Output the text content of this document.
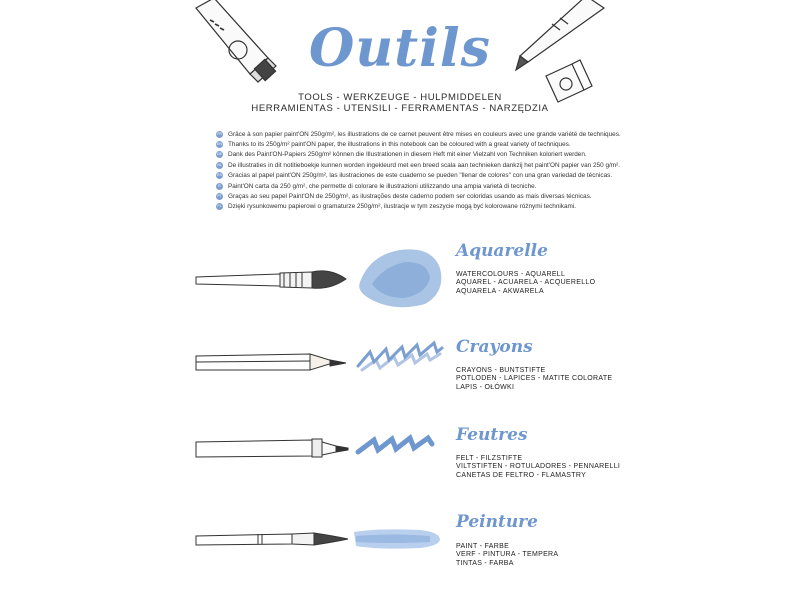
Outils
TOOLS - WERKZEUGE - HULPMIDDELEN
HERRAMIENTAS - UTENSILI - FERRAMENTAS - NARZĘDZIA
FR Grâce à son papier paint'ON 250g/m², les illustrations de ce carnet peuvent être mises en couleurs avec une grande variété de techniques.
EN Thanks to its 250g/m² paint'ON paper, the illustrations in this notebook can be coloured with a great variety of techniques.
DE Dank des Paint'ON-Papiers 250g/m² können die Illustrationen in diesem Heft mit einer Vielzahl von Techniken koloriert werden.
NL De illustraties in dit notitieboekje kunnen worden ingekleurd met een breed scala aan technieken dankzij het paint'ON papier van 250 g/m².
ES Gracias al papel paint'ON 250g/m², las ilustraciones de este cuaderno se pueden "llenar de colores" con una gran variedad de técnicas.
IT Paint'ON carta da 250 g/m², che permette di colorare le illustrazioni utilizzando una ampia varietà di tecniche.
PT Graças ao seu papel Paint'ON de 250g/m², as ilustrações deste caderno podem ser coloridas usando as mais diversas técnicas.
PL Dzięki rysunkowemu papierowi o gramaturze 250g/m², ilustracje w tym zeszycie mogą być kolorowane różnymi technikami.
Aquarelle
WATERCOLOURS - AQUARELL
AQUAREL - ACUARELA - ACQUERELLO
AQUARELA - AKWARELA
Crayons
CRAYONS - BUNTSTIFTE
POTLODEN - LAPICES - MATITE COLORATE
LAPIS - OŁÓWKI
Feutres
FELT - FILZSTIFTE
VILTSTIFTEN - ROTULADORES - PENNARELLI
CANETAS DE FELTRO - FLAMASTRY
Peinture
PAINT - FARBE
VERF - PINTURA - TEMPERA
TINTAS - FARBA
